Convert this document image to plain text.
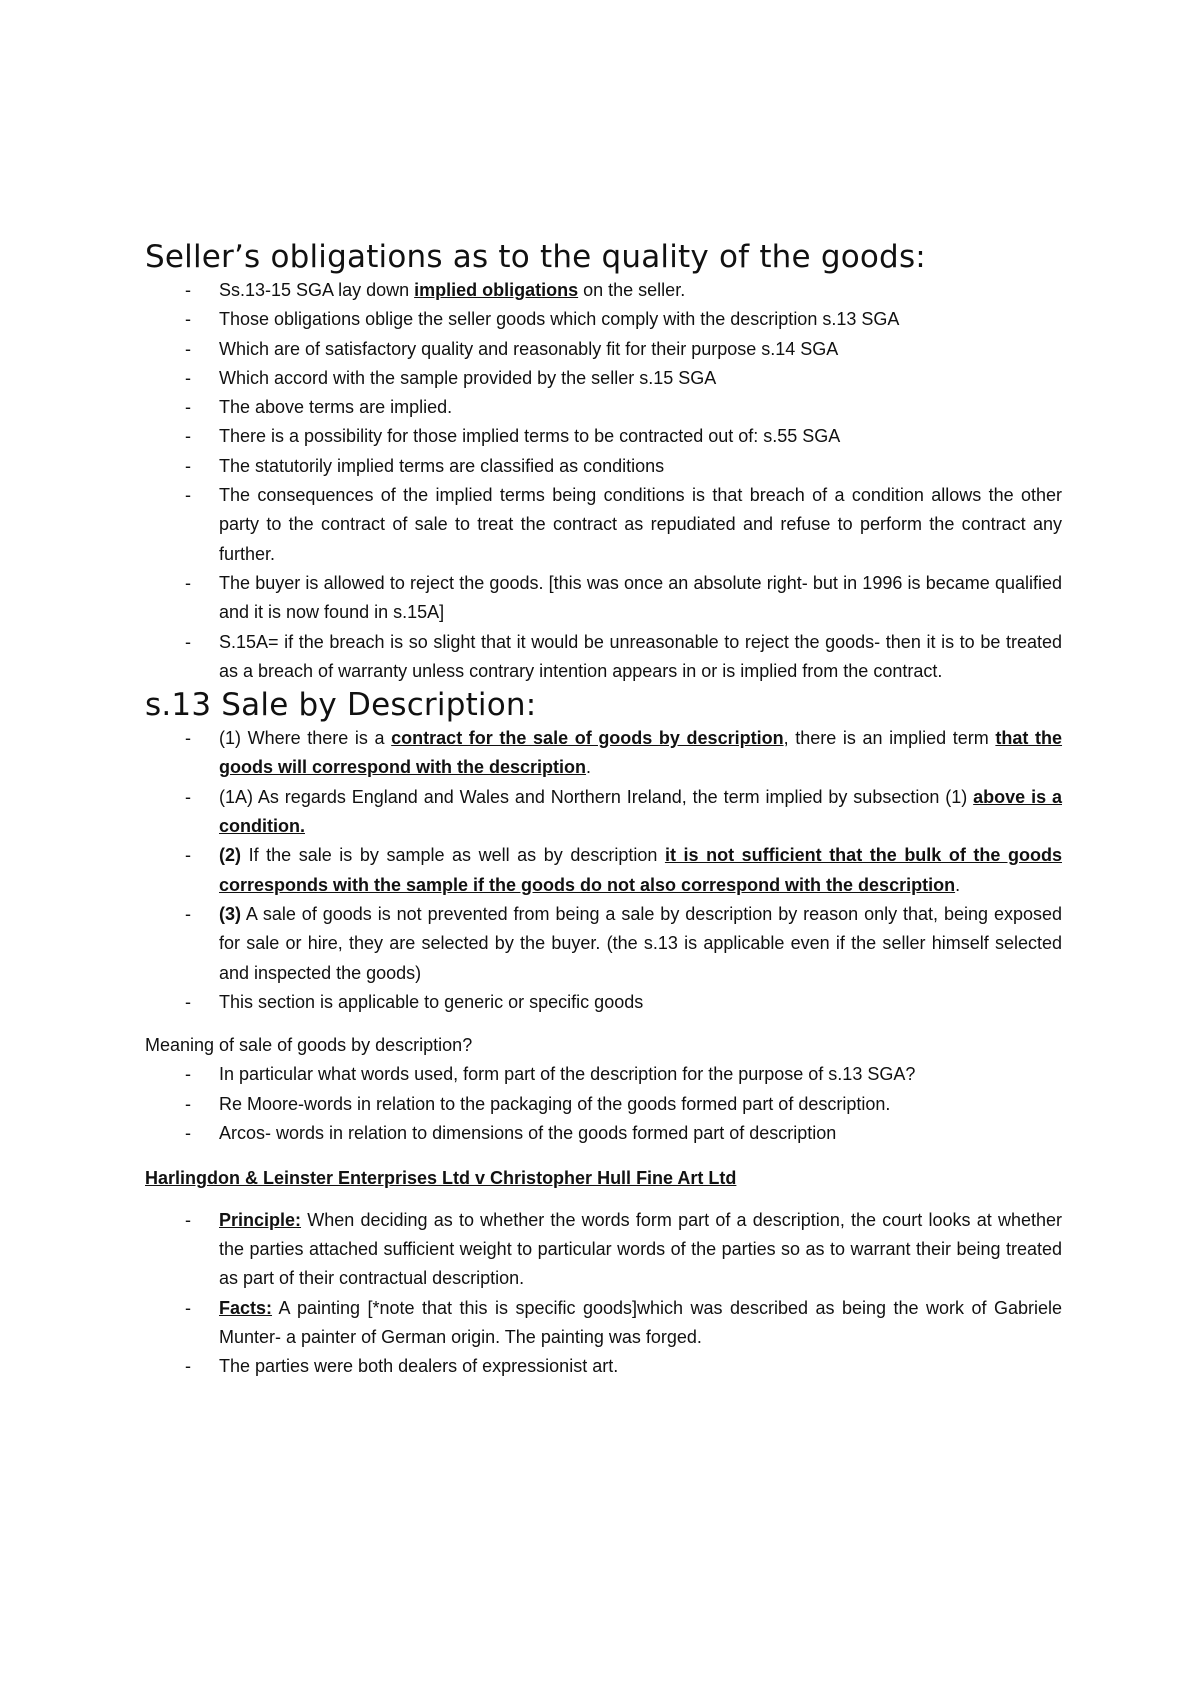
Seller’s obligations as to the quality of the goods:
- Ss.13-15 SGA lay down implied obligations on the seller.
- Those obligations oblige the seller goods which comply with the description s.13 SGA
- Which are of satisfactory quality and reasonably fit for their purpose s.14 SGA
- Which accord with the sample provided by the seller s.15 SGA
- The above terms are implied.
- There is a possibility for those implied terms to be contracted out of: s.55 SGA
- The statutorily implied terms are classified as conditions
- The consequences of the implied terms being conditions is that breach of a condition allows the other party to the contract of sale to treat the contract as repudiated and refuse to perform the contract any further.
- The buyer is allowed to reject the goods. [this was once an absolute right- but in 1996 is became qualified and it is now found in s.15A]
- S.15A= if the breach is so slight that it would be unreasonable to reject the goods- then it is to be treated as a breach of warranty unless contrary intention appears in or is implied from the contract.
s.13 Sale by Description:
- (1) Where there is a contract for the sale of goods by description, there is an implied term that the goods will correspond with the description.
- (1A) As regards England and Wales and Northern Ireland, the term implied by subsection (1) above is a condition.
- (2) If the sale is by sample as well as by description it is not sufficient that the bulk of the goods corresponds with the sample if the goods do not also correspond with the description.
- (3) A sale of goods is not prevented from being a sale by description by reason only that, being exposed for sale or hire, they are selected by the buyer. (the s.13 is applicable even if the seller himself selected and inspected the goods)
- This section is applicable to generic or specific goods

Meaning of sale of goods by description?

- In particular what words used, form part of the description for the purpose of s.13 SGA?
- Re Moore-words in relation to the packaging of the goods formed part of description.
- Arcos- words in relation to dimensions of the goods formed part of description

Harlingdon & Leinster Enterprises Ltd v Christopher Hull Fine Art Ltd

- Principle: When deciding as to whether the words form part of a description, the court looks at whether the parties attached sufficient weight to particular words of the parties so as to warrant their being treated as part of their contractual description.
- Facts: A painting [*note that this is specific goods]which was described as being the work of Gabriele Munter- a painter of German origin. The painting was forged.
- The parties were both dealers of expressionist art.
